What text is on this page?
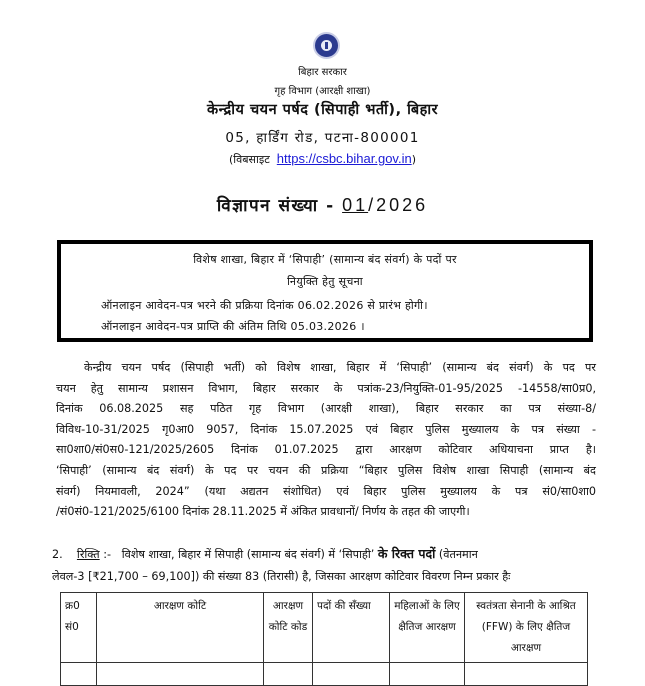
बिहार सरकार
गृह विभाग (आरक्षी शाखा)
केन्द्रीय चयन पर्षद (सिपाही भर्ती), बिहार
05, हार्डिंग रोड, पटना-800001
(विबसाइट https://csbc.bihar.gov.in)
विज्ञापन संख्या - 01/2026
विशेष शाखा, बिहार में ‘सिपाही’ (सामान्य बंद संवर्ग) के पदों पर
नियुक्ति हेतु सूचना
ऑनलाइन आवेदन-पत्र भरने की प्रक्रिया दिनांक 06.02.2026 से प्रारंभ होगी।
ऑनलाइन आवेदन-पत्र प्राप्ति की अंतिम तिथि 05.03.2026 ।
केन्द्रीय चयन पर्षद (सिपाही भर्ती) को विशेष शाखा, बिहार में ‘सिपाही’ (सामान्य बंद संवर्ग) के पद पर
चयन हेतु सामान्य प्रशासन विभाग, बिहार सरकार के पत्रांक-23/नियुक्ति-01-95/2025 -14558/सा0प्र0,
दिनांक 06.08.2025 सह पठित गृह विभाग (आरक्षी शाखा), बिहार सरकार का पत्र संख्या-8/
विविध-10-31/2025 गृ0आ0 9057, दिनांक 15.07.2025 एवं बिहार पुलिस मुख्यालय के पत्र संख्या -
सा0शा0/सं0स0-121/2025/2605 दिनांक 01.07.2025 द्वारा आरक्षण कोटिवार अधियाचना प्राप्त है।
‘सिपाही’ (सामान्य बंद संवर्ग) के पद पर चयन की प्रक्रिया “बिहार पुलिस विशेष शाखा सिपाही (सामान्य बंद
संवर्ग) नियमावली, 2024” (यथा अद्यतन संशोधित) एवं बिहार पुलिस मुख्यालय के पत्र सं0/सा0शा0
/सं0सं0-121/2025/6100 दिनांक 28.11.2025 में अंकित प्रावधानों/ निर्णय के तहत की जाएगी।
2. रिक्ति :- विशेष शाखा, बिहार में सिपाही (सामान्य बंद संवर्ग) में ‘सिपाही’ के रिक्त पदों (वेतनमान
लेवल-3 [₹21,700 – 69,100]) की संख्या 83 (तिरासी) है, जिसका आरक्षण कोटिवार विवरण निम्न प्रकार हैः
क्र0 सं0	आरक्षण कोटि	आरक्षण कोटि कोड	पदों की सँख्या	महिलाओं के लिए क्षैतिज आरक्षण	स्वतंत्रता सेनानी के आश्रित (FFW) के लिए क्षैतिज आरक्षण
